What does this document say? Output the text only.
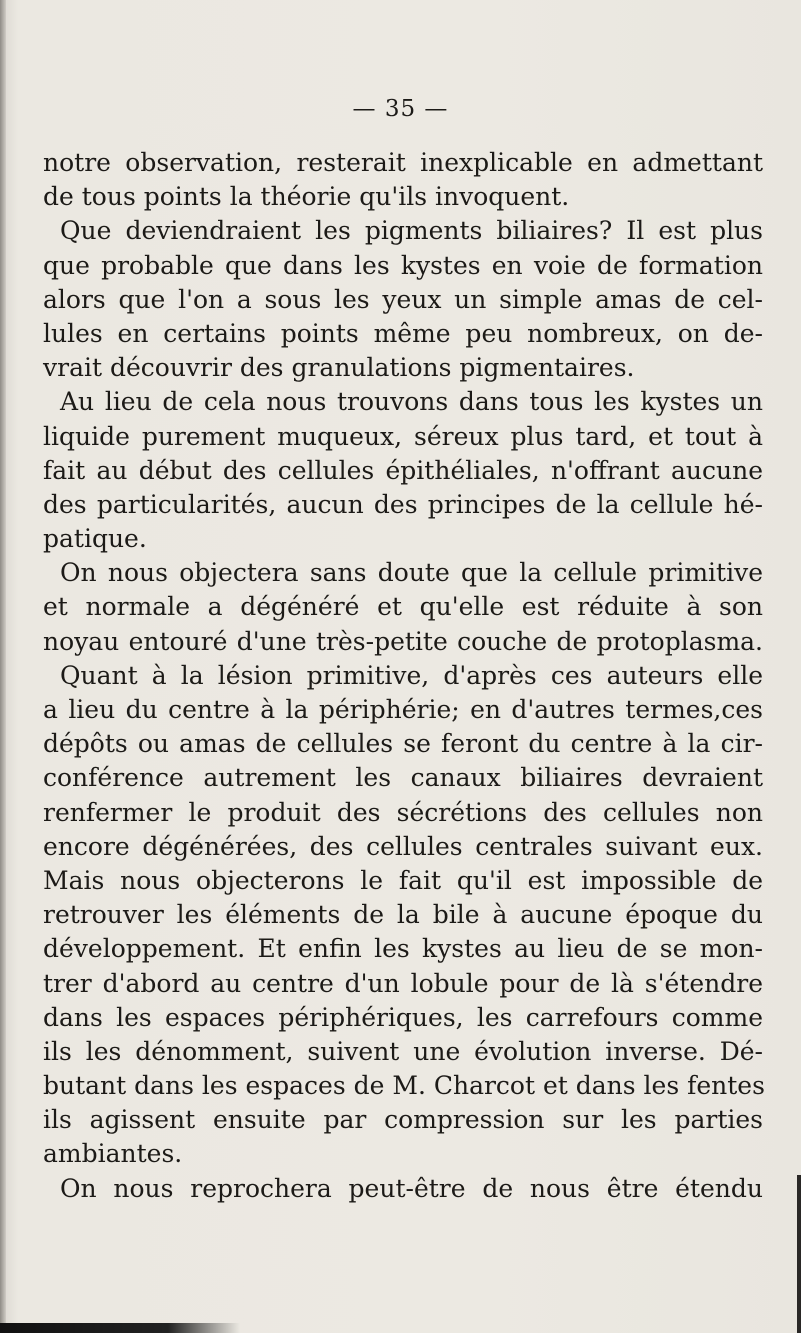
— 35 —
notre observation, resterait inexplicable en admettant
de tous points la théorie qu'ils invoquent.
Que deviendraient les pigments biliaires? Il est plus
que probable que dans les kystes en voie de formation
alors que l'on a sous les yeux un simple amas de cel-
lules en certains points même peu nombreux, on de-
vrait découvrir des granulations pigmentaires.
Au lieu de cela nous trouvons dans tous les kystes un
liquide purement muqueux, séreux plus tard, et tout à
fait au début des cellules épithéliales, n'offrant aucune
des particularités, aucun des principes de la cellule hé-
patique.
On nous objectera sans doute que la cellule primitive
et normale a dégénéré et qu'elle est réduite à son
noyau entouré d'une très-petite couche de protoplasma.
Quant à la lésion primitive, d'après ces auteurs elle
a lieu du centre à la périphérie; en d'autres termes,ces
dépôts ou amas de cellules se feront du centre à la cir-
conférence autrement les canaux biliaires devraient
renfermer le produit des sécrétions des cellules non
encore dégénérées, des cellules centrales suivant eux.
Mais nous objecterons le fait qu'il est impossible de
retrouver les éléments de la bile à aucune époque du
développement. Et enfin les kystes au lieu de se mon-
trer d'abord au centre d'un lobule pour de là s'étendre
dans les espaces périphériques, les carrefours comme
ils les dénomment, suivent une évolution inverse. Dé-
butant dans les espaces de M. Charcot et dans les fentes
ils agissent ensuite par compression sur les parties
ambiantes.
On nous reprochera peut-être de nous être étendu
